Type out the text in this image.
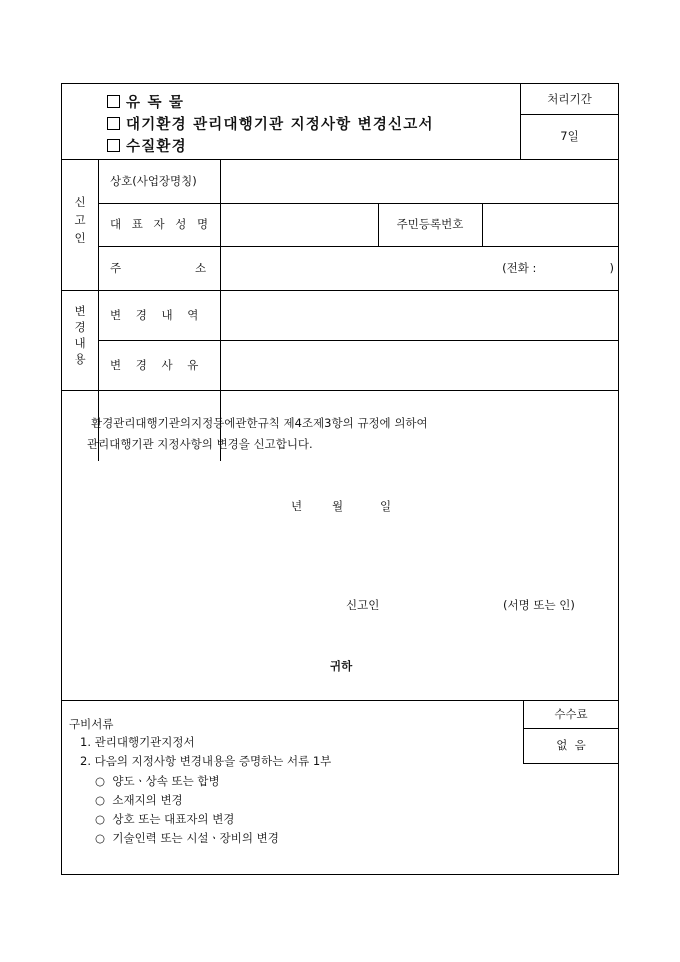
유 독 물
대기환경 관리대행기관 지정사항 변경신고서
수질환경
처리기간
7일
신
고
인
상호(사업장명칭)
대 표 자 성 명	주민등록번호
주	소	(전화 :                    )
변
경
내
용
변 경 내 역
변 경 사 유
환경관리대행기관의지정등에관한규칙 제4조제3항의 규정에 의하여
관리대행기관 지정사항의 변경을 신고합니다.
년	월	일
신고인	(서명 또는 인)
귀하
수수료
없  음
구비서류
1. 관리대행기관지정서
2. 다음의 지정사항 변경내용을 증명하는 서류 1부
○ 양도ㆍ상속 또는 합병
○ 소재지의 변경
○ 상호 또는 대표자의 변경
○ 기술인력 또는 시설ㆍ장비의 변경
